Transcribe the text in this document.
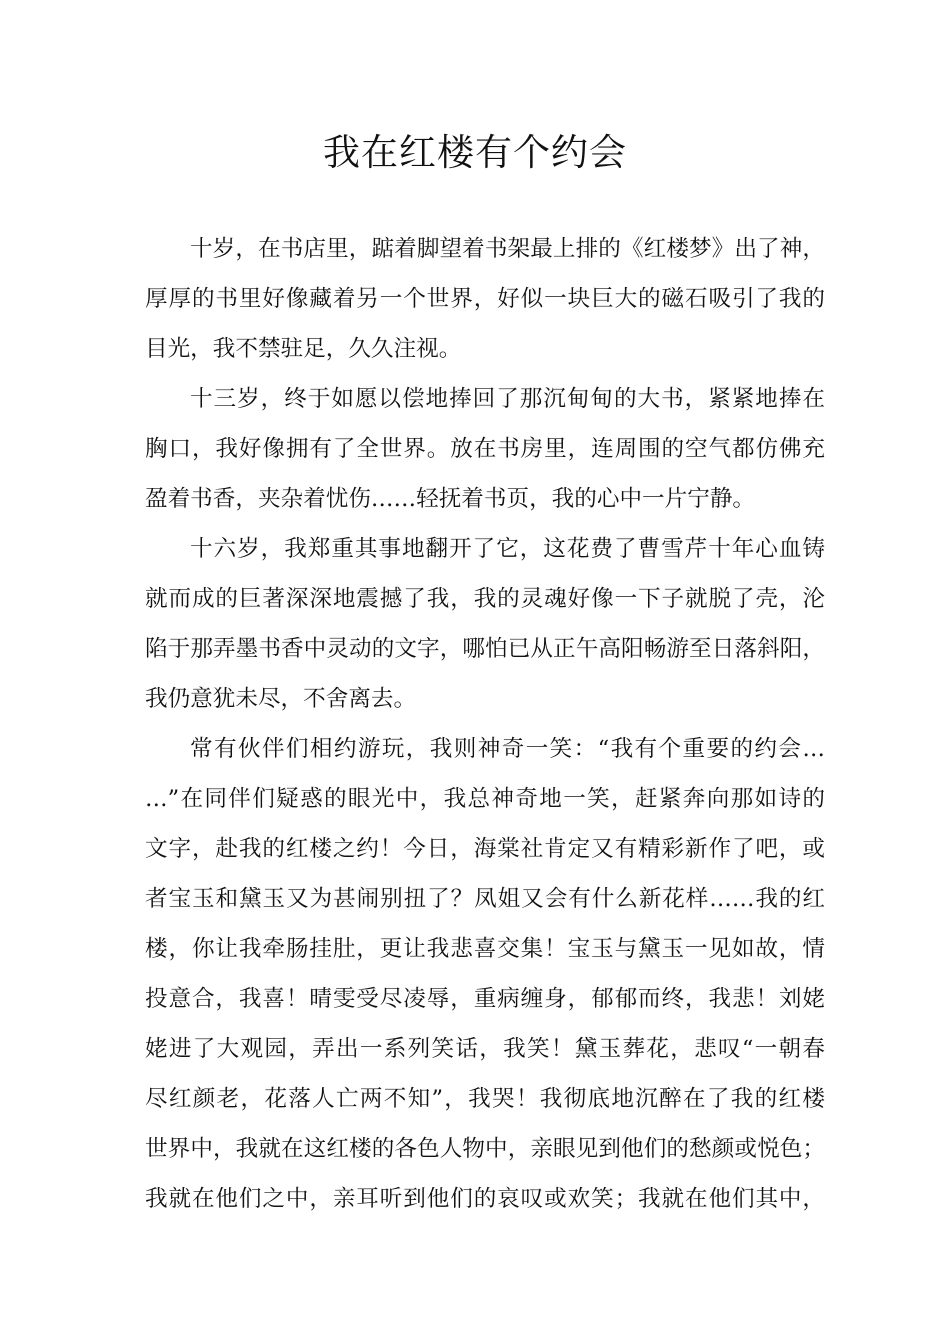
我在红楼有个约会
十岁，在书店里，踮着脚望着书架最上排的《红楼梦》出了神，
厚厚的书里好像藏着另一个世界，好似一块巨大的磁石吸引了我的
目光，我不禁驻足，久久注视。
十三岁，终于如愿以偿地捧回了那沉甸甸的大书，紧紧地捧在
胸口，我好像拥有了全世界。放在书房里，连周围的空气都仿佛充
盈着书香，夹杂着忧伤……轻抚着书页，我的心中一片宁静。
十六岁，我郑重其事地翻开了它，这花费了曹雪芹十年心血铸
就而成的巨著深深地震撼了我，我的灵魂好像一下子就脱了壳，沦
陷于那弄墨书香中灵动的文字，哪怕已从正午高阳畅游至日落斜阳，
我仍意犹未尽，不舍离去。
常有伙伴们相约游玩，我则神奇一笑：“我有个重要的约会…
…”在同伴们疑惑的眼光中，我总神奇地一笑，赶紧奔向那如诗的
文字，赴我的红楼之约！今日，海棠社肯定又有精彩新作了吧，或
者宝玉和黛玉又为甚闹别扭了？凤姐又会有什么新花样……我的红
楼，你让我牵肠挂肚，更让我悲喜交集！宝玉与黛玉一见如故，情
投意合，我喜！晴雯受尽凌辱，重病缠身，郁郁而终，我悲！刘姥
姥进了大观园，弄出一系列笑话，我笑！黛玉葬花，悲叹“一朝春
尽红颜老，花落人亡两不知”，我哭！我彻底地沉醉在了我的红楼
世界中，我就在这红楼的各色人物中，亲眼见到他们的愁颜或悦色；
我就在他们之中，亲耳听到他们的哀叹或欢笑；我就在他们其中，
